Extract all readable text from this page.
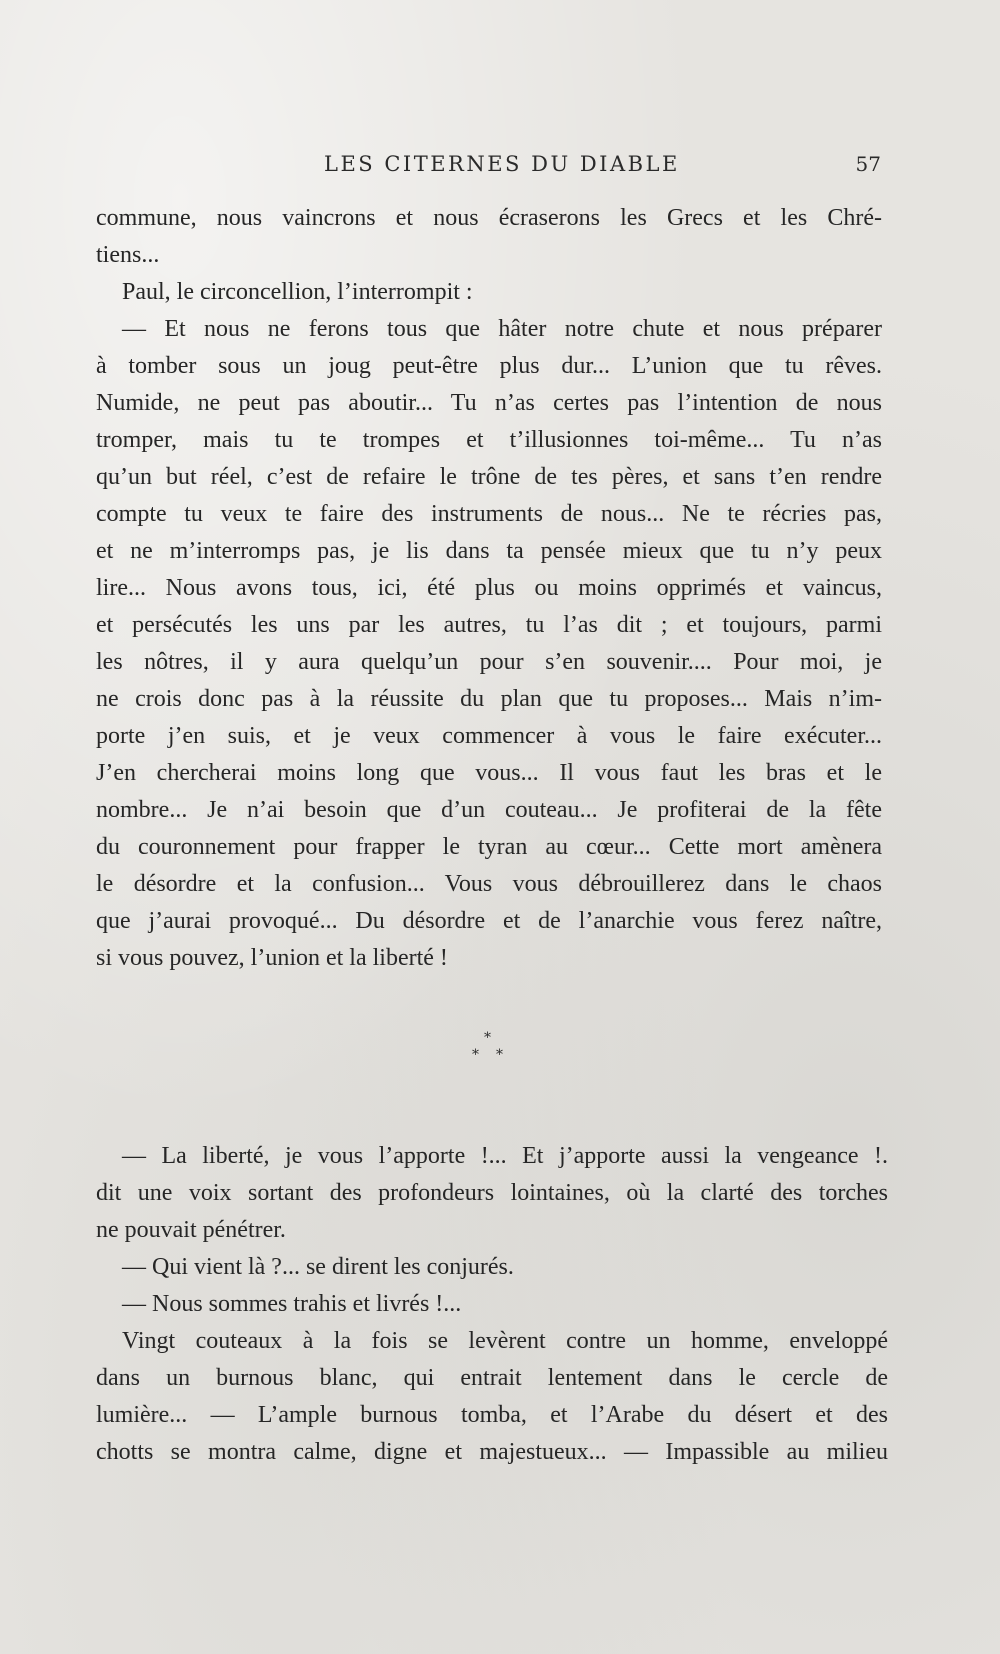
LES CITERNES DU DIABLE	57
commune, nous vaincrons et nous écraserons les Grecs et les Chré-
tiens...
Paul, le circoncellion, l’interrompit :
— Et nous ne ferons tous que hâter notre chute et nous préparer
à tomber sous un joug peut-être plus dur... L’union que tu rêves.
Numide, ne peut pas aboutir... Tu n’as certes pas l’intention de nous
tromper, mais tu te trompes et t’illusionnes toi-même... Tu n’as
qu’un but réel, c’est de refaire le trône de tes pères, et sans t’en rendre
compte tu veux te faire des instruments de nous... Ne te récries pas,
et ne m’interromps pas, je lis dans ta pensée mieux que tu n’y peux
lire... Nous avons tous, ici, été plus ou moins opprimés et vaincus,
et persécutés les uns par les autres, tu l’as dit ; et toujours, parmi
les nôtres, il y aura quelqu’un pour s’en souvenir.... Pour moi, je
ne crois donc pas à la réussite du plan que tu proposes... Mais n’im-
porte j’en suis, et je veux commencer à vous le faire exécuter...
J’en chercherai moins long que vous... Il vous faut les bras et le
nombre... Je n’ai besoin que d’un couteau... Je profiterai de la fête
du couronnement pour frapper le tyran au cœur... Cette mort amènera
le désordre et la confusion... Vous vous débrouillerez dans le chaos
que j’aurai provoqué... Du désordre et de l’anarchie vous ferez naître,
si vous pouvez, l’union et la liberté !
*
* *
— La liberté, je vous l’apporte !... Et j’apporte aussi la vengeance !.
dit une voix sortant des profondeurs lointaines, où la clarté des torches
ne pouvait pénétrer.
— Qui vient là ?... se dirent les conjurés.
— Nous sommes trahis et livrés !...
Vingt couteaux à la fois se levèrent contre un homme, enveloppé
dans un burnous blanc, qui entrait lentement dans le cercle de
lumière... — L’ample burnous tomba, et l’Arabe du désert et des
chotts se montra calme, digne et majestueux... — Impassible au milieu
